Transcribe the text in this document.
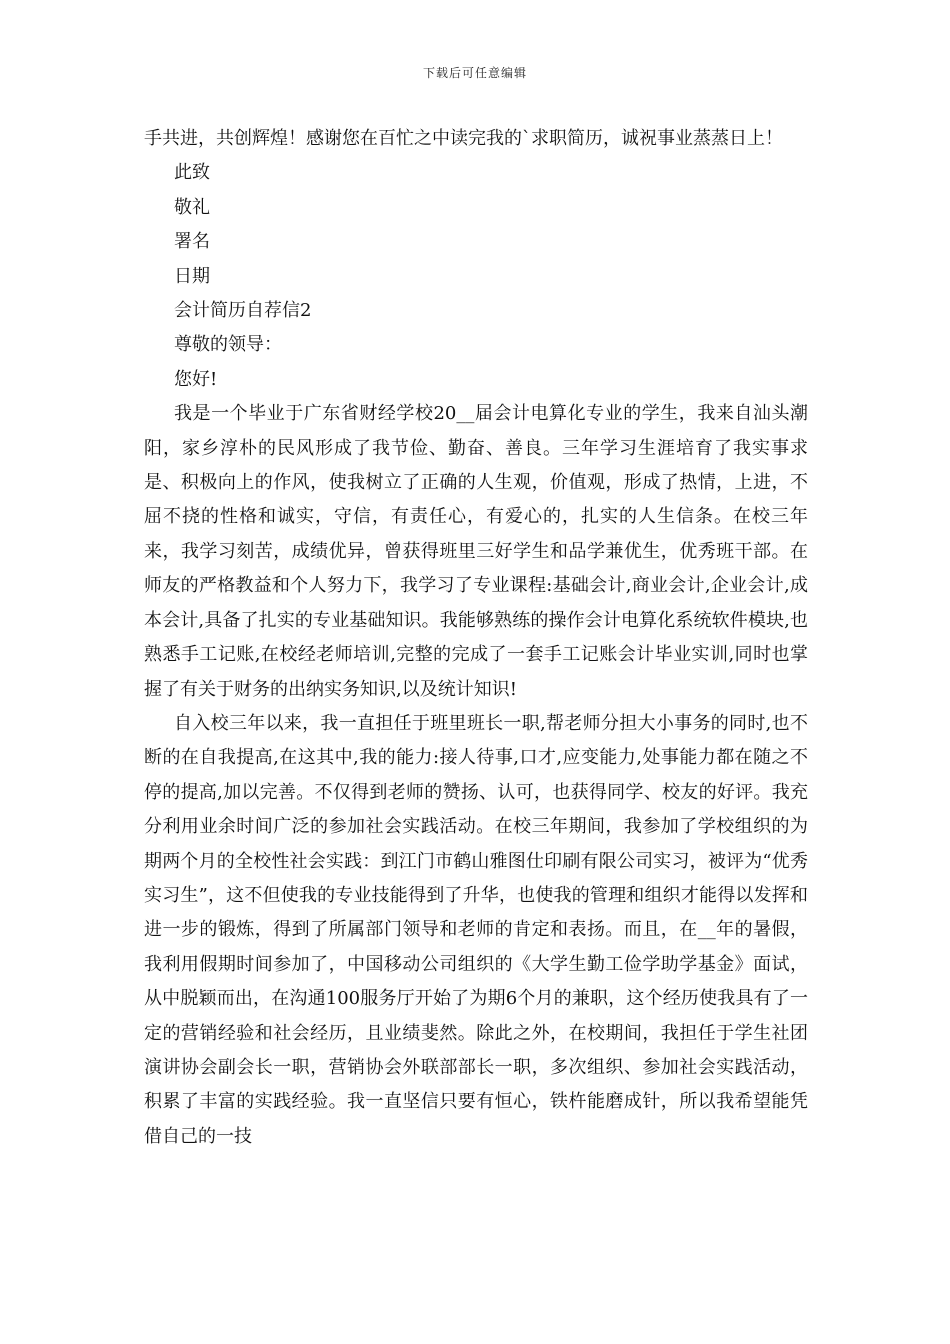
下载后可任意编辑

手共进，共创辉煌！感谢您在百忙之中读完我的`求职简历，诚祝事业蒸蒸日上！

此致

敬礼

署名

日期

会计简历自荐信2

尊敬的领导：

您好!

我是一个毕业于广东省财经学校20__届会计电算化专业的学生，我来自汕头潮阳，家乡淳朴的民风形成了我节俭、勤奋、善良。三年学习生涯培育了我实事求是、积极向上的作风，使我树立了正确的人生观，价值观，形成了热情，上进，不屈不挠的性格和诚实，守信，有责任心，有爱心的，扎实的人生信条。在校三年来，我学习刻苦，成绩优异，曾获得班里三好学生和品学兼优生，优秀班干部。在师友的严格教益和个人努力下，我学习了专业课程:基础会计,商业会计,企业会计,成本会计,具备了扎实的专业基础知识。我能够熟练的操作会计电算化系统软件模块,也熟悉手工记账,在校经老师培训,完整的完成了一套手工记账会计毕业实训,同时也掌握了有关于财务的出纳实务知识,以及统计知识!

自入校三年以来，我一直担任于班里班长一职,帮老师分担大小事务的同时,也不断的在自我提高,在这其中,我的能力:接人待事,口才,应变能力,处事能力都在随之不停的提高,加以完善。不仅得到老师的赞扬、认可，也获得同学、校友的好评。我充分利用业余时间广泛的参加社会实践活动。在校三年期间，我参加了学校组织的为期两个月的全校性社会实践：到江门市鹤山雅图仕印刷有限公司实习，被评为“优秀实习生”，这不但使我的专业技能得到了升华，也使我的管理和组织才能得以发挥和进一步的锻炼，得到了所属部门领导和老师的肯定和表扬。而且，在__年的暑假，我利用假期时间参加了，中国移动公司组织的《大学生勤工俭学助学基金》面试，从中脱颖而出，在沟通100服务厅开始了为期6个月的兼职，这个经历使我具有了一定的营销经验和社会经历，且业绩斐然。除此之外，在校期间，我担任于学生社团演讲协会副会长一职，营销协会外联部部长一职，多次组织、参加社会实践活动，积累了丰富的实践经验。我一直坚信只要有恒心，铁杵能磨成针，所以我希望能凭借自己的一技
